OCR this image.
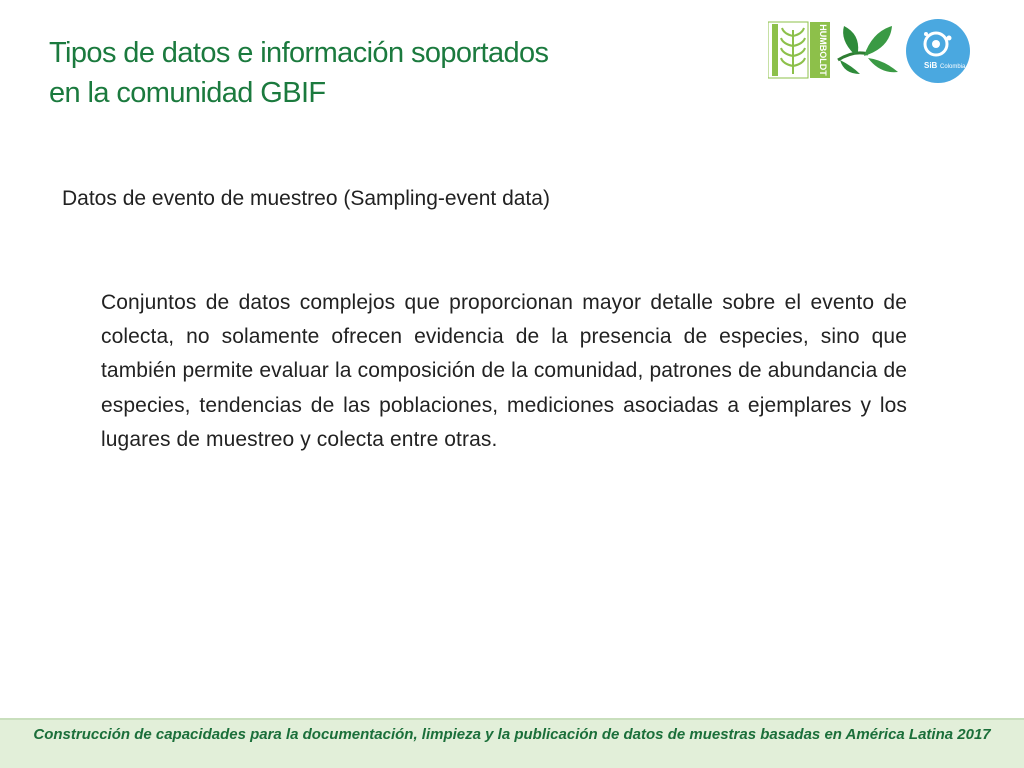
Tipos de datos e información soportados
en la comunidad GBIF
HUMBOLDT	SiB Colombia
Datos de evento de muestreo (Sampling-event data)
Conjuntos de datos complejos que proporcionan mayor detalle sobre el evento de colecta, no solamente ofrecen evidencia de la presencia de especies, sino que también permite evaluar la composición de la comunidad, patrones de abundancia de especies, tendencias de las poblaciones, mediciones asociadas a ejemplares y los lugares de muestreo y colecta entre otras.
Construcción de capacidades para la documentación, limpieza y la publicación de datos de muestras basadas en América Latina 2017
